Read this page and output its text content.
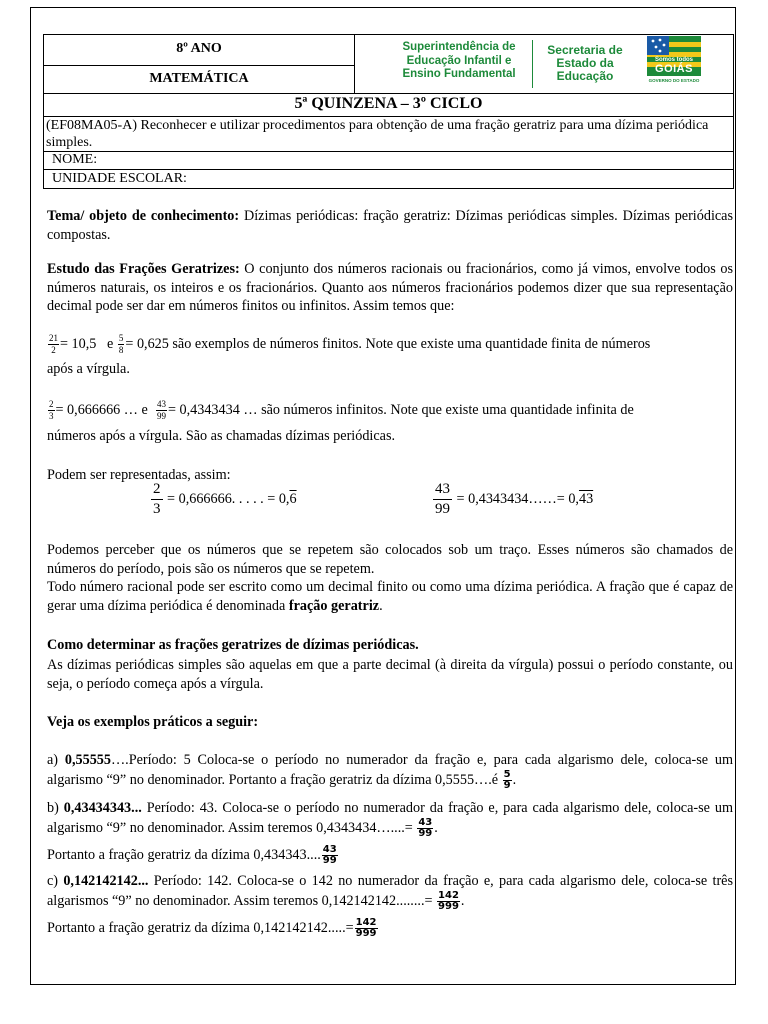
8º ANO
MATEMÁTICA
5ª QUINZENA – 3º CICLO
(EF08MA05-A) Reconhecer e utilizar procedimentos para obtenção de uma fração geratriz para uma dízima periódica simples.
NOME:
UNIDADE ESCOLAR:
Superintendência de
Educação Infantil e
Ensino Fundamental
Secretaria de
Estado da
Educação
Somos todos
GOIÁS
GOVERNO DO ESTADO
Tema/ objeto de conhecimento: Dízimas periódicas: fração geratriz: Dízimas periódicas simples. Dízimas periódicas compostas.
Estudo das Frações Geratrizes: O conjunto dos números racionais ou fracionários, como já vimos, envolve todos os números naturais, os inteiros e os fracionários. Quanto aos números fracionários podemos dizer que sua representação decimal pode ser dar em números finitos ou infinitos. Assim temos que:
$\frac{21}{2} = 10,5$ e $\frac{5}{8} = 0,625$ são exemplos de números finitos. Note que existe uma quantidade finita de números
após a vírgula.
$\frac{2}{3} = 0,666666$ … e $\frac{43}{99} = 0,4343434$ … são números infinitos. Note que existe uma quantidade infinita de
números após a vírgula. São as chamadas dízimas periódicas.
Podem ser representadas, assim:
$\frac{2}{3} = 0,666666$. . . . . = 0,6	$\frac{43}{99}$ = 0,4343434……= 0,43
Podemos perceber que os números que se repetem são colocados sob um traço. Esses números são chamados de números do período, pois são os números que se repetem.
Todo número racional pode ser escrito como um decimal finito ou como uma dízima periódica. A fração que é capaz de gerar uma dízima periódica é denominada fração geratriz.
Como determinar as frações geratrizes de dízimas periódicas.
As dízimas periódicas simples são aquelas em que a parte decimal (à direita da vírgula) possui o período constante, ou seja, o período começa após a vírgula.
Veja os exemplos práticos a seguir:
a) 0,55555….Período: 5 Coloca-se o período no numerador da fração e, para cada algarismo dele, coloca-se um algarismo “9” no denominador. Portanto a fração geratriz da dízima 0,5555….é $\frac{5}{9}$ .
b) 0,43434343... Período: 43. Coloca-se o período no numerador da fração e, para cada algarismo dele, coloca-se um algarismo “9” no denominador. Assim teremos 0,4343434…....= $\frac{43}{99}$ .
Portanto a fração geratriz da dízima 0,434343.... $\frac{43}{99}$
c) 0,142142142... Período: 142. Coloca-se o 142 no numerador da fração e, para cada algarismo dele, coloca-se três algarismos “9” no denominador. Assim teremos $0,142142142........= \frac{142}{999}$ .
Portanto a fração geratriz da dízima $0,142142142.....= \frac{142}{999}$
